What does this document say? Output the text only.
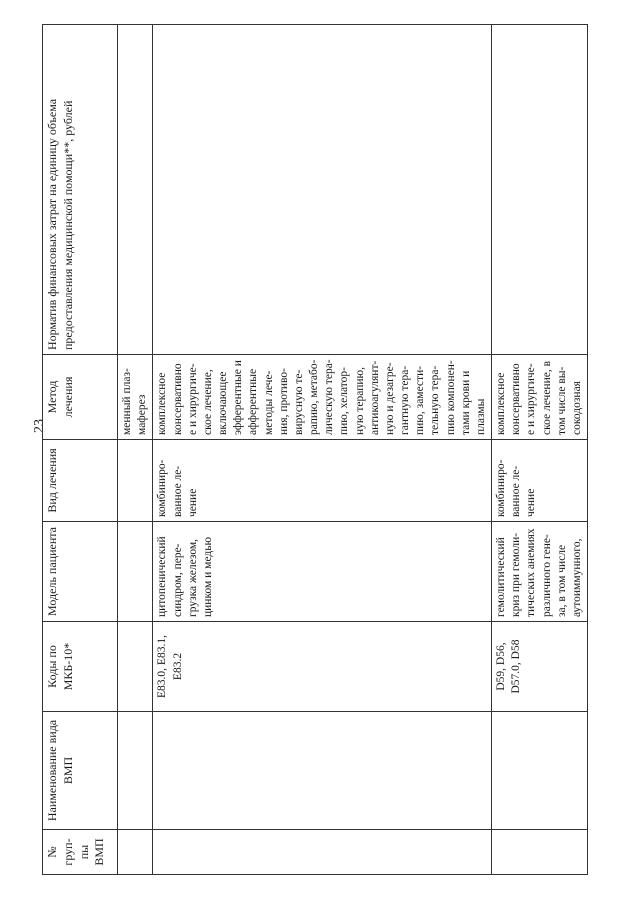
23
№ груп-пы ВМП	Наименование вида ВМП	Коды по МКБ-10*	Модель пациента	Вид лечения	Метод лечения	Норматив финансовых затрат на единицу объема предоставления медицинской помощи**, рублей
					менный плаз-маферез	
		E83.0, E83.1, E83.2	цитопенический синдром, пере-грузка железом, цинком и медью	комбиниро-ванное ле-чение	комплексное консервативное и хирургиче-ское лечение, включающее эфферентные и афферентные методы лече-ния, противо-вирусную те-рапию, метабо-лическую тера-пию, хелатор-ную терапию, антикоагулянт-ную и дезагре-гантную тера-пию, замести-тельную тера-пию компонен-тами крови и плазмы	
		D59, D56, D57.0, D58	гемолитический криз при гемоли-тических анемиях различного гене-за, в том числе аутоиммунного,	комбиниро-ванное ле-чение	комплексное консервативное и хирургиче-ское лечение, в том числе вы-сокодозная	
